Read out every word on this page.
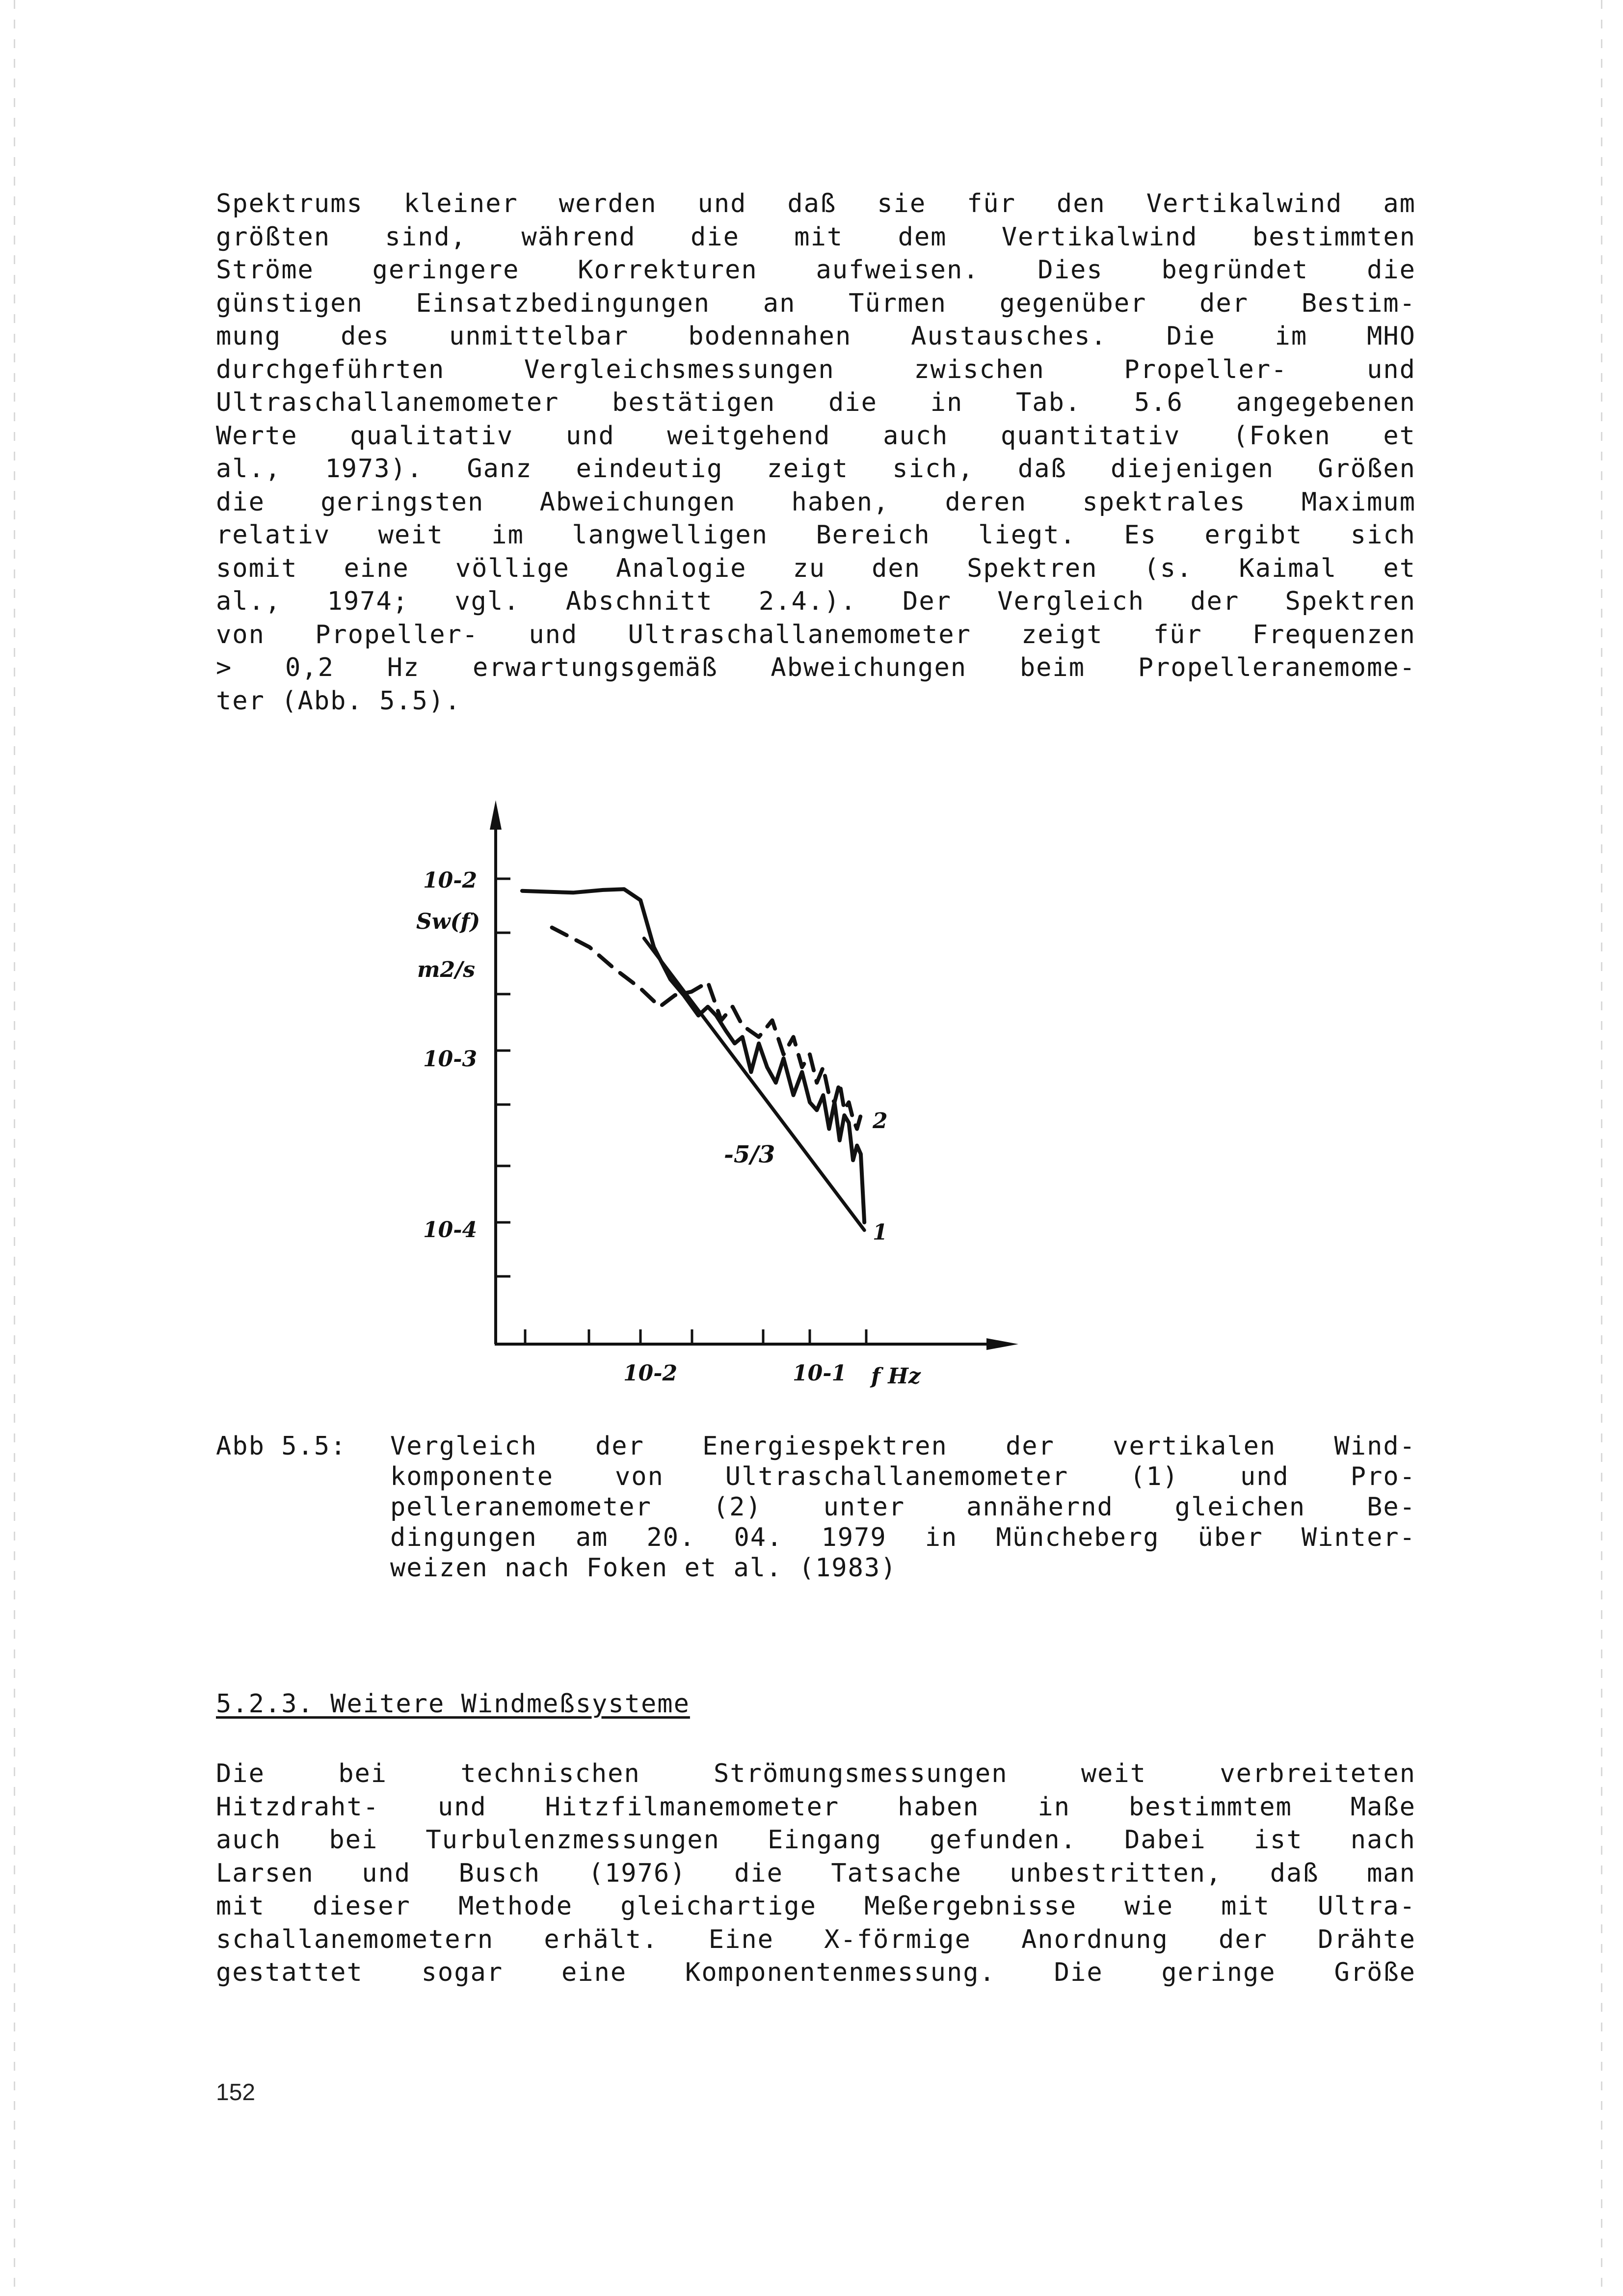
Spektrums kleiner werden und daß sie für den Vertikalwind am
größten sind, während die mit dem Vertikalwind bestimmten
Ströme geringere Korrekturen aufweisen. Dies begründet die
günstigen Einsatzbedingungen an Türmen gegenüber der Bestim-
mung des unmittelbar bodennahen Austausches. Die im MHO
durchgeführten Vergleichsmessungen zwischen Propeller- und
Ultraschallanemometer bestätigen die in Tab. 5.6 angegebenen
Werte qualitativ und weitgehend auch quantitativ (Foken et
al., 1973). Ganz eindeutig zeigt sich, daß diejenigen Größen
die geringsten Abweichungen haben, deren spektrales Maximum
relativ weit im langwelligen Bereich liegt. Es ergibt sich
somit eine völlige Analogie zu den Spektren (s. Kaimal et
al., 1974; vgl. Abschnitt 2.4.). Der Vergleich der Spektren
von Propeller- und Ultraschallanemometer zeigt für Frequenzen
> 0,2 Hz erwartungsgemäß Abweichungen beim Propelleranemome-
ter (Abb. 5.5).
10-2
10-3
10-4
Sw(f)
m2/s
10-2	10-1 f Hz
-5/3
1
2
Abb 5.5: Vergleich der Energiespektren der vertikalen Wind-
komponente von Ultraschallanemometer (1) und Pro-
pelleranemometer (2) unter annähernd gleichen Be-
dingungen am 20. 04. 1979 in Müncheberg über Winter-
weizen nach Foken et al. (1983)
5.2.3. Weitere Windmeßsysteme
Die bei technischen Strömungsmessungen weit verbreiteten
Hitzdraht- und Hitzfilmanemometer haben in bestimmtem Maße
auch bei Turbulenzmessungen Eingang gefunden. Dabei ist nach
Larsen und Busch (1976) die Tatsache unbestritten, daß man
mit dieser Methode gleichartige Meßergebnisse wie mit Ultra-
schallanemometern erhält. Eine X-förmige Anordnung der Drähte
gestattet sogar eine Komponentenmessung. Die geringe Größe
152
